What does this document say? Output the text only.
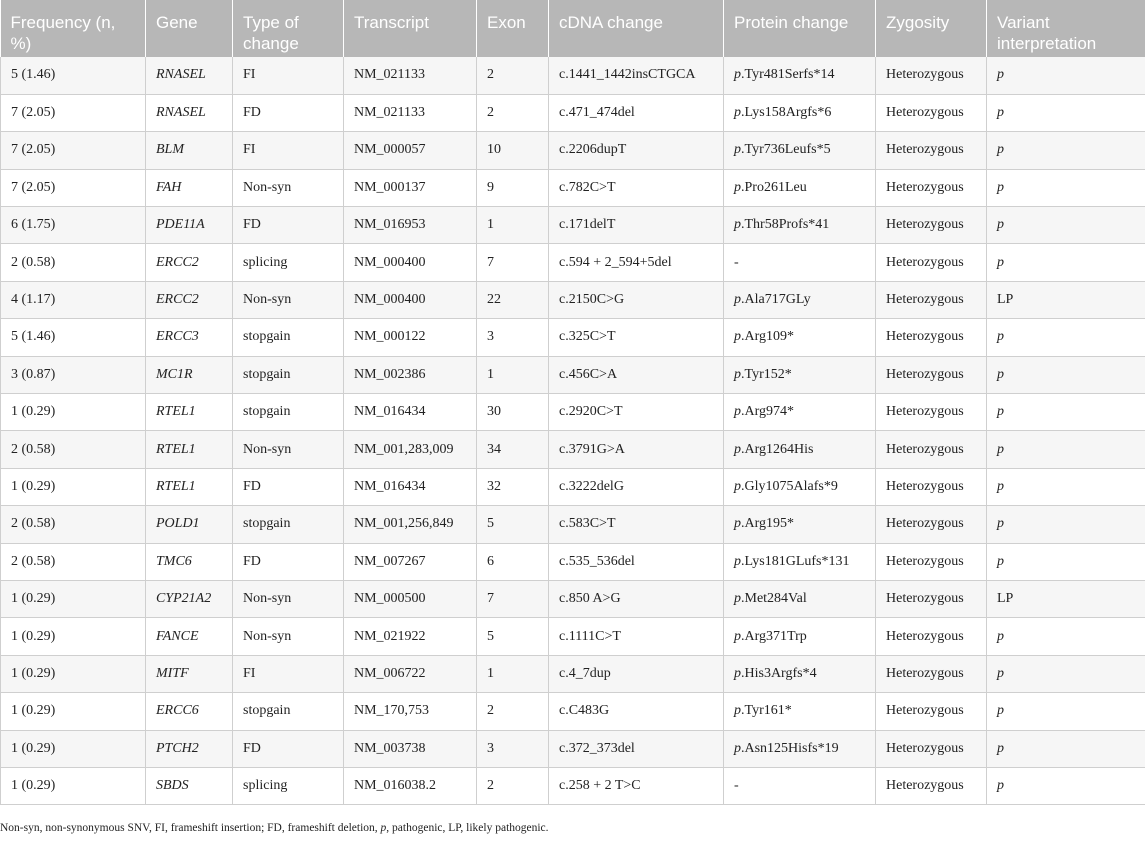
Frequency (n, %)	Gene	Type of change	Transcript	Exon	cDNA change	Protein change	Zygosity	Variant interpretation
5 (1.46)	RNASEL	FI	NM_021133	2	c.1441_1442insCTGCA	p.Tyr481Serfs*14	Heterozygous	p
7 (2.05)	RNASEL	FD	NM_021133	2	c.471_474del	p.Lys158Argfs*6	Heterozygous	p
7 (2.05)	BLM	FI	NM_000057	10	c.2206dupT	p.Tyr736Leufs*5	Heterozygous	p
7 (2.05)	FAH	Non-syn	NM_000137	9	c.782C>T	p.Pro261Leu	Heterozygous	p
6 (1.75)	PDE11A	FD	NM_016953	1	c.171delT	p.Thr58Profs*41	Heterozygous	p
2 (0.58)	ERCC2	splicing	NM_000400	7	c.594 + 2_594+5del	-	Heterozygous	p
4 (1.17)	ERCC2	Non-syn	NM_000400	22	c.2150C>G	p.Ala717GLy	Heterozygous	LP
5 (1.46)	ERCC3	stopgain	NM_000122	3	c.325C>T	p.Arg109*	Heterozygous	p
3 (0.87)	MC1R	stopgain	NM_002386	1	c.456C>A	p.Tyr152*	Heterozygous	p
1 (0.29)	RTEL1	stopgain	NM_016434	30	c.2920C>T	p.Arg974*	Heterozygous	p
2 (0.58)	RTEL1	Non-syn	NM_001,283,009	34	c.3791G>A	p.Arg1264His	Heterozygous	p
1 (0.29)	RTEL1	FD	NM_016434	32	c.3222delG	p.Gly1075Alafs*9	Heterozygous	p
2 (0.58)	POLD1	stopgain	NM_001,256,849	5	c.583C>T	p.Arg195*	Heterozygous	p
2 (0.58)	TMC6	FD	NM_007267	6	c.535_536del	p.Lys181GLufs*131	Heterozygous	p
1 (0.29)	CYP21A2	Non-syn	NM_000500	7	c.850 A>G	p.Met284Val	Heterozygous	LP
1 (0.29)	FANCE	Non-syn	NM_021922	5	c.1111C>T	p.Arg371Trp	Heterozygous	p
1 (0.29)	MITF	FI	NM_006722	1	c.4_7dup	p.His3Argfs*4	Heterozygous	p
1 (0.29)	ERCC6	stopgain	NM_170,753	2	c.C483G	p.Tyr161*	Heterozygous	p
1 (0.29)	PTCH2	FD	NM_003738	3	c.372_373del	p.Asn125Hisfs*19	Heterozygous	p
1 (0.29)	SBDS	splicing	NM_016038.2	2	c.258 + 2 T>C	-	Heterozygous	p

Non-syn, non-synonymous SNV, FI, frameshift insertion; FD, frameshift deletion, p, pathogenic, LP, likely pathogenic.
